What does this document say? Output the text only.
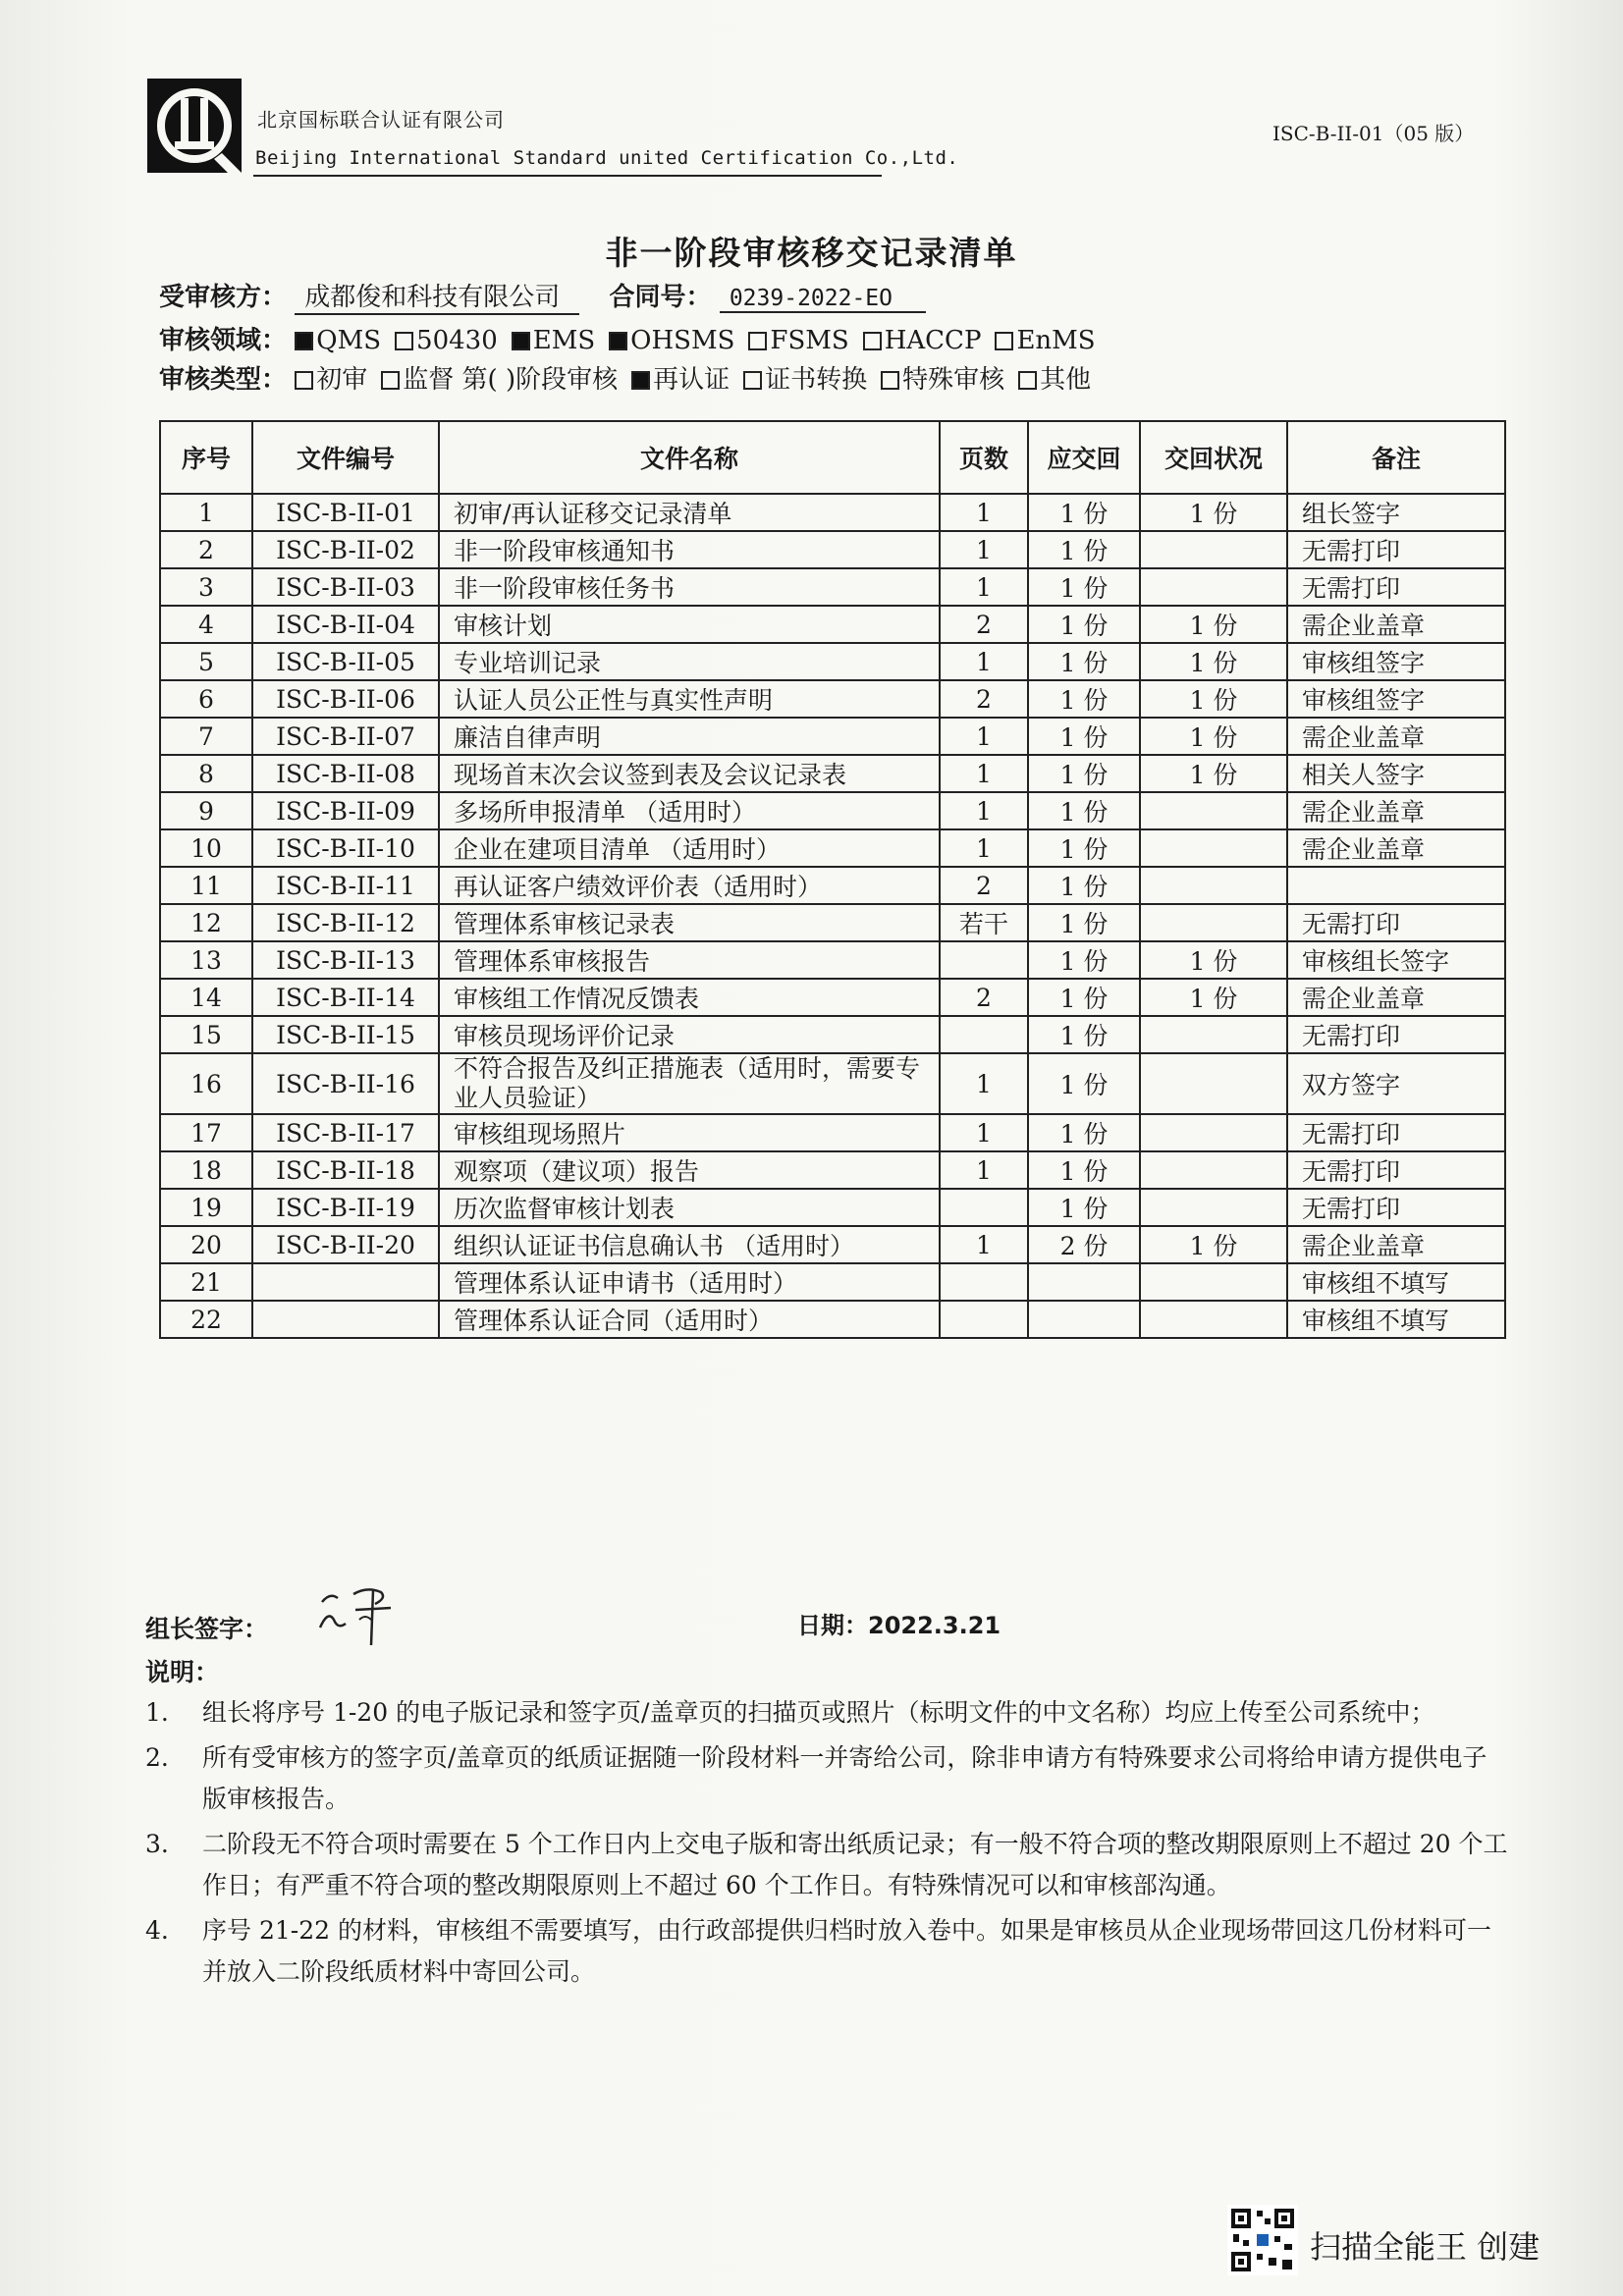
北京国标联合认证有限公司
Beijing International Standard united Certification Co.,Ltd.
ISC-B-II-01（05 版）
非一阶段审核移交记录清单
受审核方： 成都俊和科技有限公司 合同号： 0239-2022-EO
审核领域： QMS 50430 EMS OHSMS FSMS HACCP EnMS
审核类型： 初审 监督 第( )阶段审核 再认证 证书转换 特殊审核 其他
序号	文件编号	文件名称	页数	应交回	交回状况	备注
1	ISC-B-II-01	初审/再认证移交记录清单	1	1 份	1 份	组长签字
2	ISC-B-II-02	非一阶段审核通知书	1	1 份		无需打印
3	ISC-B-II-03	非一阶段审核任务书	1	1 份		无需打印
4	ISC-B-II-04	审核计划	2	1 份	1 份	需企业盖章
5	ISC-B-II-05	专业培训记录	1	1 份	1 份	审核组签字
6	ISC-B-II-06	认证人员公正性与真实性声明	2	1 份	1 份	审核组签字
7	ISC-B-II-07	廉洁自律声明	1	1 份	1 份	需企业盖章
8	ISC-B-II-08	现场首末次会议签到表及会议记录表	1	1 份	1 份	相关人签字
9	ISC-B-II-09	多场所申报清单 （适用时）	1	1 份		需企业盖章
10	ISC-B-II-10	企业在建项目清单 （适用时）	1	1 份		需企业盖章
11	ISC-B-II-11	再认证客户绩效评价表（适用时）	2	1 份		
12	ISC-B-II-12	管理体系审核记录表	若干	1 份		无需打印
13	ISC-B-II-13	管理体系审核报告		1 份	1 份	审核组长签字
14	ISC-B-II-14	审核组工作情况反馈表	2	1 份	1 份	需企业盖章
15	ISC-B-II-15	审核员现场评价记录		1 份		无需打印
16	ISC-B-II-16	不符合报告及纠正措施表（适用时，需要专业人员验证）	1	1 份		双方签字
17	ISC-B-II-17	审核组现场照片	1	1 份		无需打印
18	ISC-B-II-18	观察项（建议项）报告	1	1 份		无需打印
19	ISC-B-II-19	历次监督审核计划表		1 份		无需打印
20	ISC-B-II-20	组织认证证书信息确认书 （适用时）	1	2 份	1 份	需企业盖章
21		管理体系认证申请书（适用时）				审核组不填写
22		管理体系认证合同（适用时）				审核组不填写
组长签字：	日期：2022.3.21
说明：
1. 组长将序号 1-20 的电子版记录和签字页/盖章页的扫描页或照片（标明文件的中文名称）均应上传至公司系统中；
2. 所有受审核方的签字页/盖章页的纸质证据随一阶段材料一并寄给公司，除非申请方有特殊要求公司将给申请方提供电子版审核报告。
3. 二阶段无不符合项时需要在 5 个工作日内上交电子版和寄出纸质记录；有一般不符合项的整改期限原则上不超过 20 个工作日；有严重不符合项的整改期限原则上不超过 60 个工作日。有特殊情况可以和审核部沟通。
4. 序号 21-22 的材料，审核组不需要填写，由行政部提供归档时放入卷中。如果是审核员从企业现场带回这几份材料可一并放入二阶段纸质材料中寄回公司。
扫描全能王 创建
